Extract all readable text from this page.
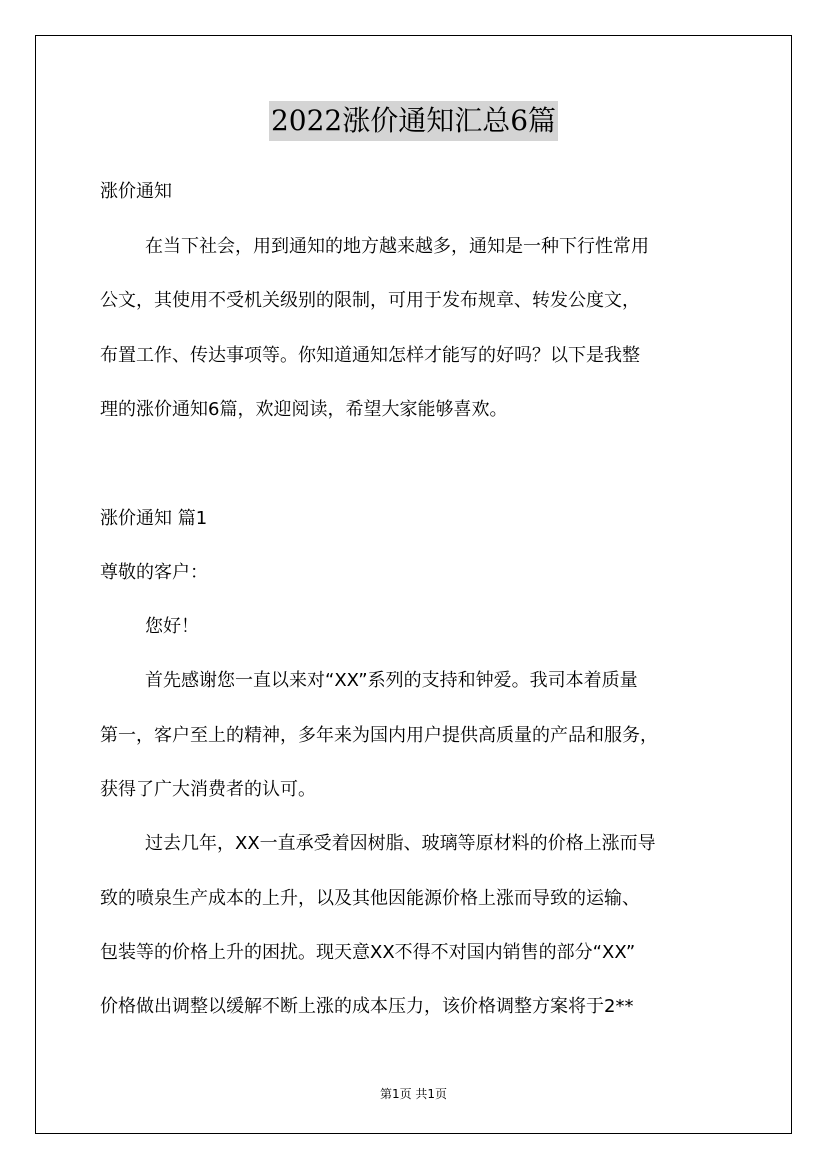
2022涨价通知汇总6篇
涨价通知
在当下社会，用到通知的地方越来越多，通知是一种下行性常用
公文，其使用不受机关级别的限制，可用于发布规章、转发公度文，
布置工作、传达事项等。你知道通知怎样才能写的好吗？以下是我整
理的涨价通知6篇，欢迎阅读，希望大家能够喜欢。
涨价通知 篇1
尊敬的客户：
您好！
首先感谢您一直以来对“XX”系列的支持和钟爱。我司本着质量
第一，客户至上的精神，多年来为国内用户提供高质量的产品和服务，
获得了广大消费者的认可。
过去几年，XX一直承受着因树脂、玻璃等原材料的价格上涨而导
致的喷泉生产成本的上升，以及其他因能源价格上涨而导致的运输、
包装等的价格上升的困扰。现天意XX不得不对国内销售的部分“XX”
价格做出调整以缓解不断上涨的成本压力，该价格调整方案将于2**
第1页 共1页
